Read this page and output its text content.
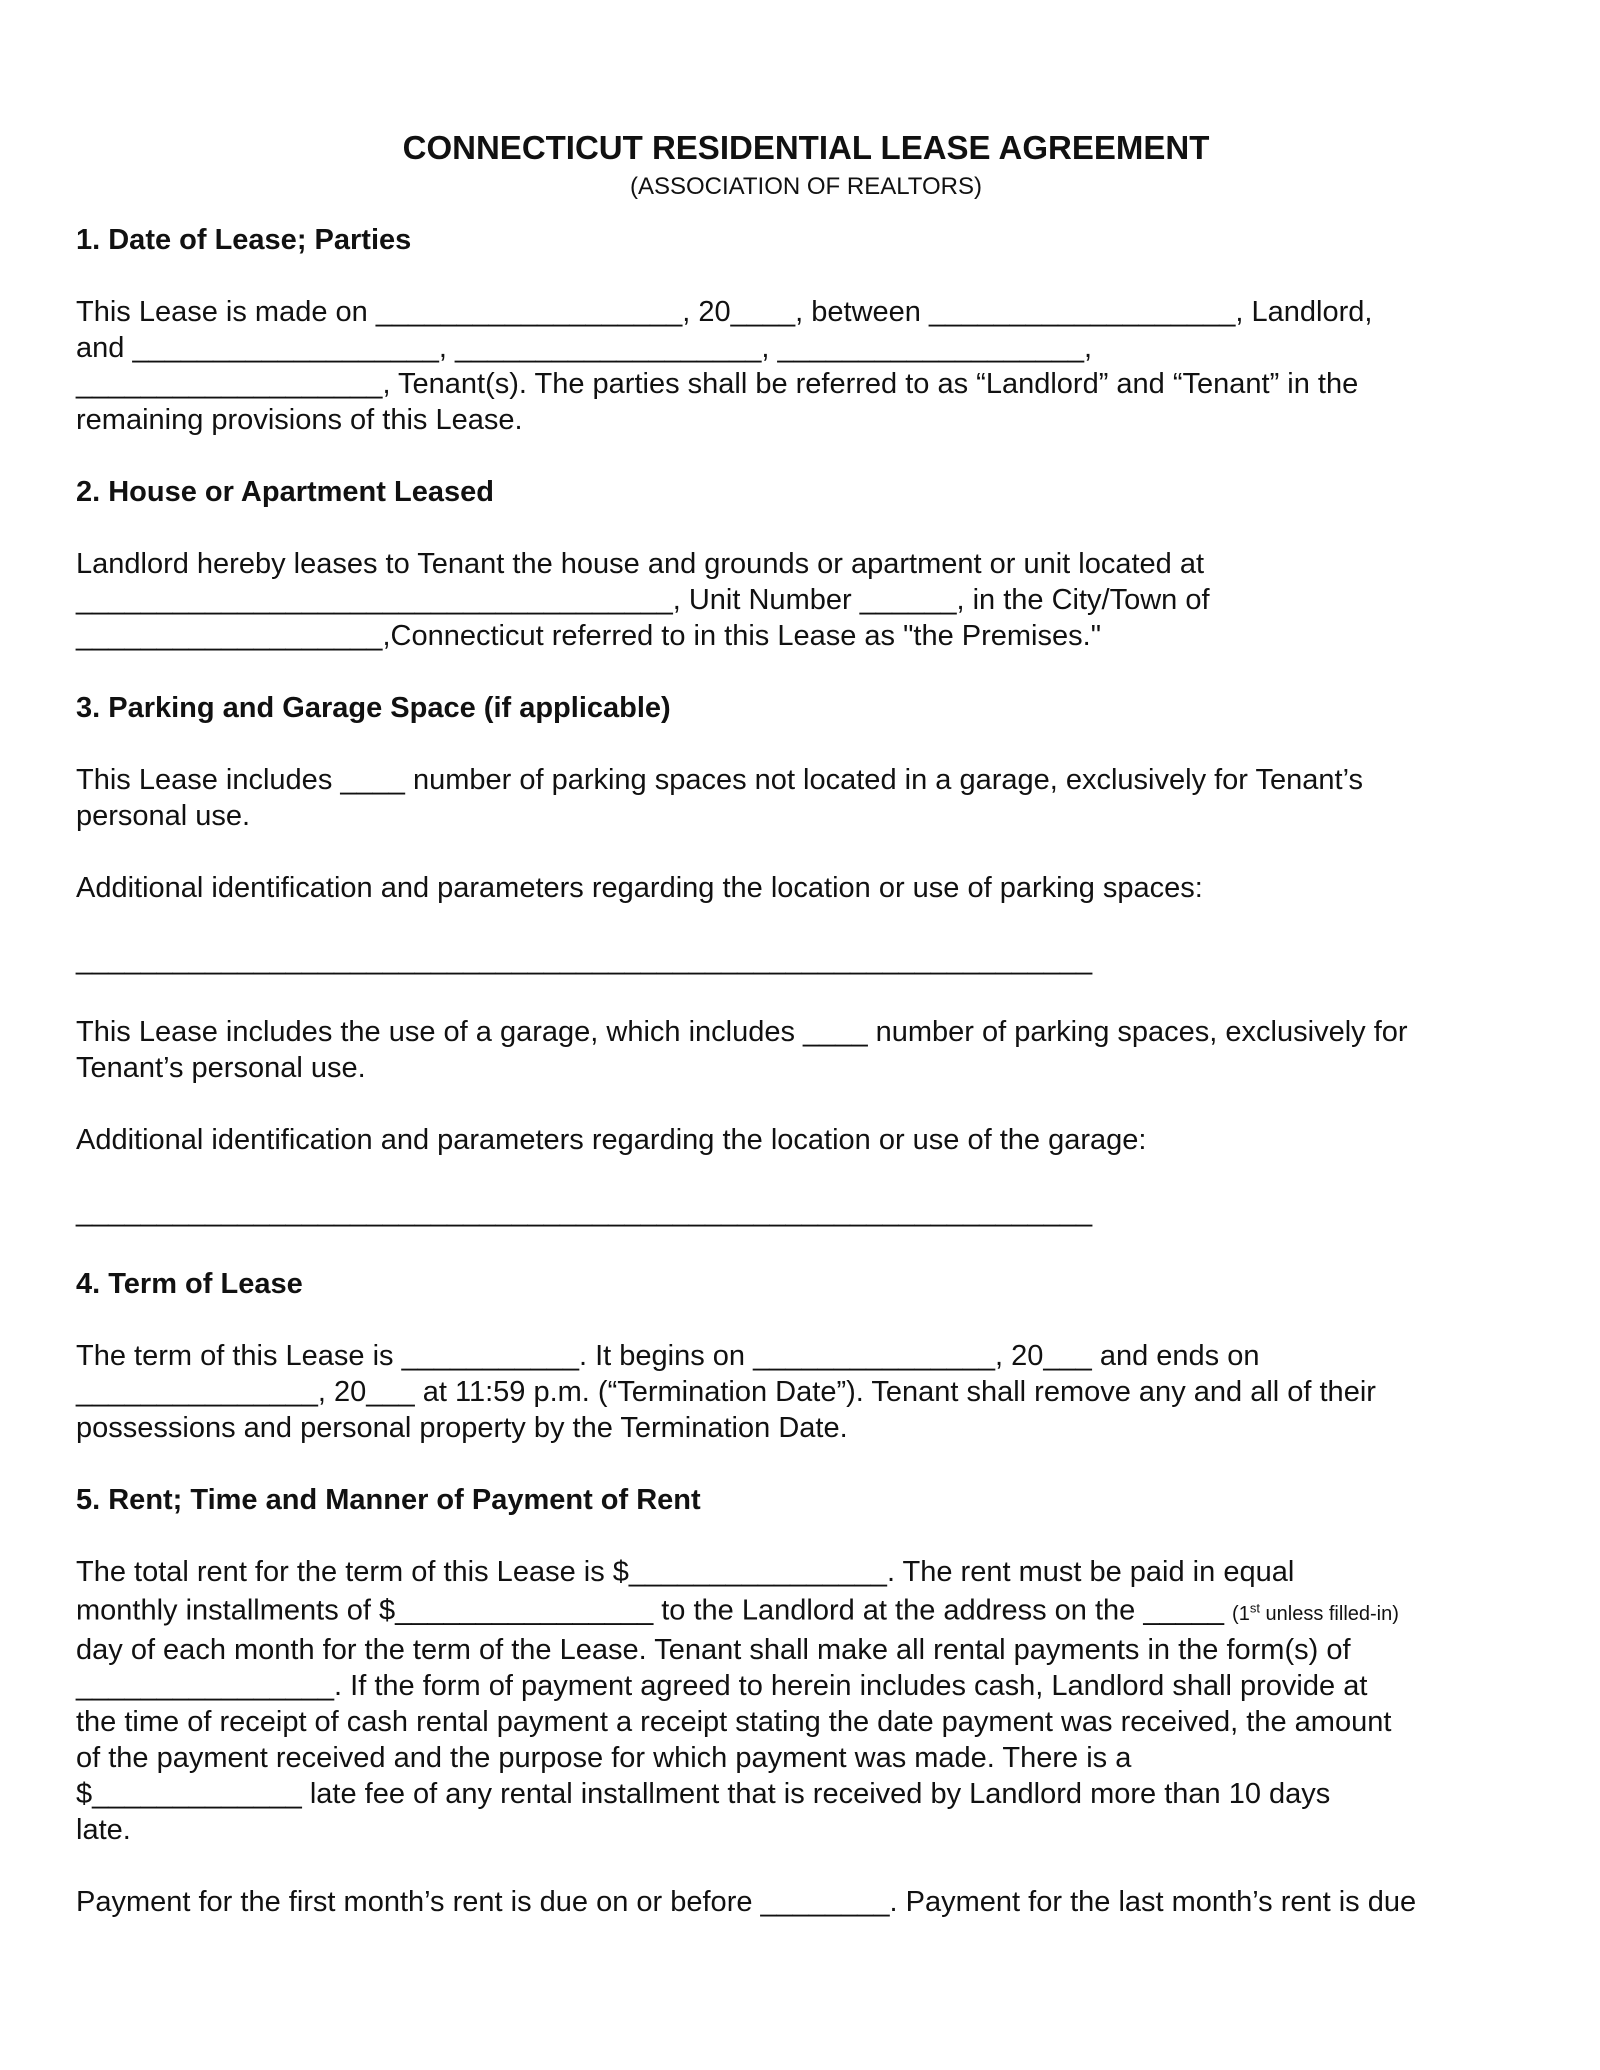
CONNECTICUT RESIDENTIAL LEASE AGREEMENT

(ASSOCIATION OF REALTORS)

1. Date of Lease; Parties

This Lease is made on ___________________, 20____, between ___________________, Landlord,
and ___________________, ___________________, ___________________,
___________________, Tenant(s). The parties shall be referred to as “Landlord” and “Tenant” in the
remaining provisions of this Lease.

2. House or Apartment Leased

Landlord hereby leases to Tenant the house and grounds or apartment or unit located at
_____________________________________, Unit Number ______, in the City/Town of
___________________,Connecticut referred to in this Lease as "the Premises."

3. Parking and Garage Space (if applicable)

This Lease includes ____ number of parking spaces not located in a garage, exclusively for Tenant’s
personal use.

Additional identification and parameters regarding the location or use of parking spaces:

_______________________________________________________________

This Lease includes the use of a garage, which includes ____ number of parking spaces, exclusively for
Tenant’s personal use.

Additional identification and parameters regarding the location or use of the garage:

_______________________________________________________________

4. Term of Lease

The term of this Lease is ___________. It begins on _______________, 20___ and ends on
_______________, 20___ at 11:59 p.m. (“Termination Date”). Tenant shall remove any and all of their
possessions and personal property by the Termination Date.

5. Rent; Time and Manner of Payment of Rent

The total rent for the term of this Lease is $________________. The rent must be paid in equal
monthly installments of $________________ to the Landlord at the address on the _____ (1st unless filled-in)
day of each month for the term of the Lease. Tenant shall make all rental payments in the form(s) of
________________. If the form of payment agreed to herein includes cash, Landlord shall provide at
the time of receipt of cash rental payment a receipt stating the date payment was received, the amount
of the payment received and the purpose for which payment was made. There is a
$_____________ late fee of any rental installment that is received by Landlord more than 10 days
late.

Payment for the first month’s rent is due on or before ________. Payment for the last month’s rent is due
